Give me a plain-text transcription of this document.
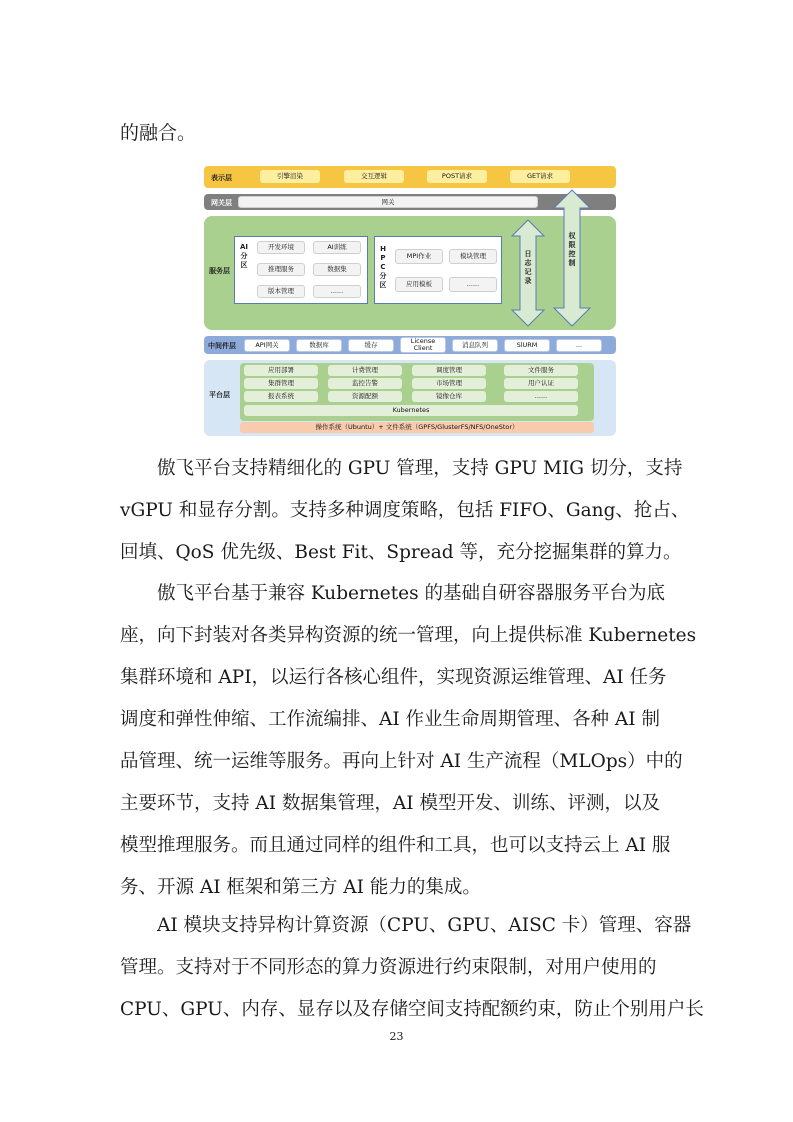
的融合。
表示层	引擎渲染	交互逻辑	POST请求	GET请求
网关层	网关
服务层
AI分区
开发环境	AI训练
推理服务	数据集
版本管理	......
HPC分区
MPI作业	模块管理
应用模板	......
日志记录
权限控制
中间件层	API网关	数据库	缓存	License Client	消息队列	SlURM	...
平台层
应用部署	计费管理	调度管理	文件服务
集群管理	监控告警	市场管理	用户认证
报表系统	资源配额	镜像仓库	......
Kubernetes
操作系统（Ubuntu）+ 文件系统（GPFS/GlusterFS/NFS/OneStor）
傲飞平台支持精细化的 GPU 管理，支持 GPU MIG 切分，支持
vGPU 和显存分割。支持多种调度策略，包括 FIFO、Gang、抢占、
回填、QoS 优先级、Best Fit、Spread 等，充分挖掘集群的算力。
傲飞平台基于兼容 Kubernetes 的基础自研容器服务平台为底
座，向下封装对各类异构资源的统一管理，向上提供标准 Kubernetes
集群环境和 API，以运行各核心组件，实现资源运维管理、AI 任务
调度和弹性伸缩、工作流编排、AI 作业生命周期管理、各种 AI 制
品管理、统一运维等服务。再向上针对 AI 生产流程（MLOps）中的
主要环节，支持 AI 数据集管理，AI 模型开发、训练、评测，以及
模型推理服务。而且通过同样的组件和工具，也可以支持云上 AI 服
务、开源 AI 框架和第三方 AI 能力的集成。
AI 模块支持异构计算资源（CPU、GPU、AISC 卡）管理、容器
管理。支持对于不同形态的算力资源进行约束限制，对用户使用的
CPU、GPU、内存、显存以及存储空间支持配额约束，防止个别用户长
23
